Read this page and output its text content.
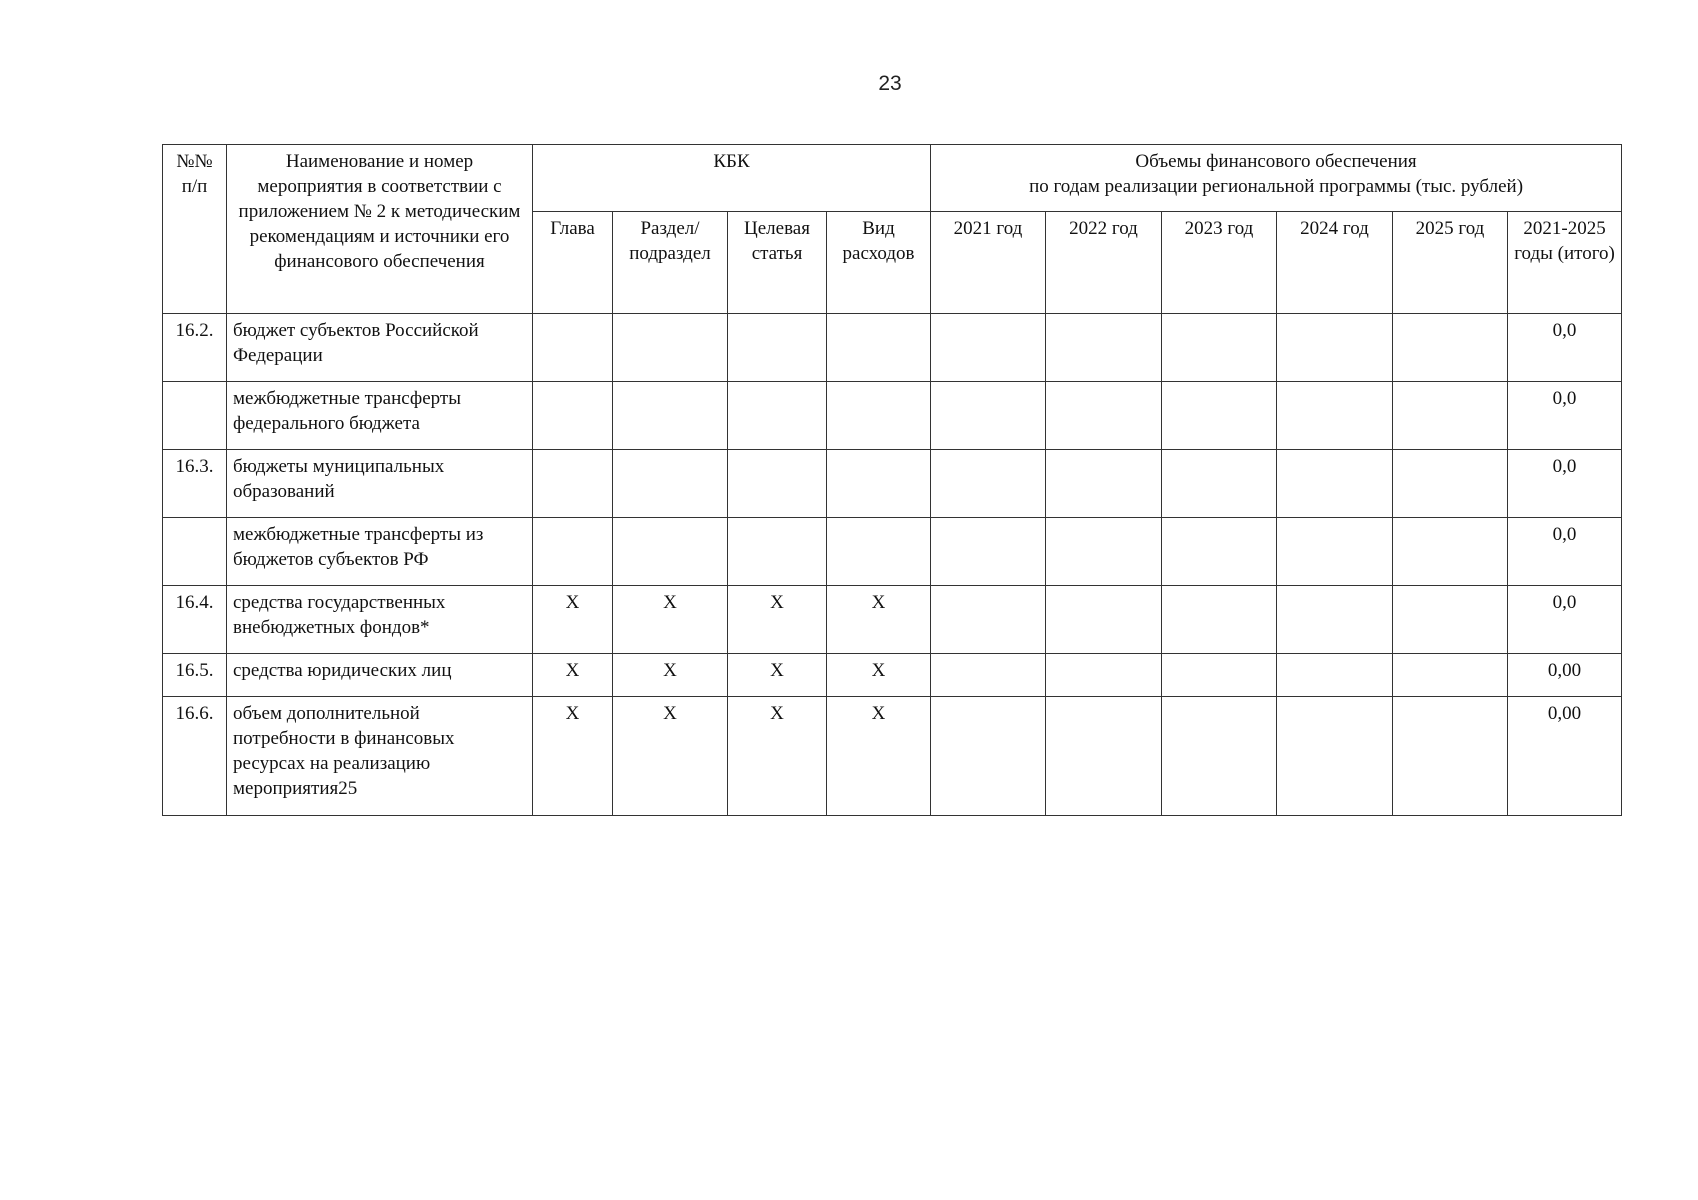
23
№№ п/п	Наименование и номер мероприятия в соответствии с приложением № 2 к методическим рекомендациям и источники его финансового обеспечения	КБК				Объемы финансового обеспечения
по годам реализации региональной программы (тыс. рублей)					

		Глава	Раздел/ подраздел	Целевая статья	Вид расходов	2021 год	2022 год	2023 год	2024 год	2025 год	2021-2025 годы (итого)
16.2.	бюджет субъектов Российской Федерации										0,0
	межбюджетные трансферты федерального бюджета										0,0
16.3.	бюджеты муниципальных образований										0,0
	межбюджетные трансферты из бюджетов субъектов РФ										0,0
16.4.	средства государственных внебюджетных фондов*	X	X	X	X						0,0
16.5.	средства юридических лиц	X	X	X	X						0,00
16.6.	объем дополнительной потребности в финансовых ресурсах на реализацию мероприятия25	X	X	X	X						0,00
